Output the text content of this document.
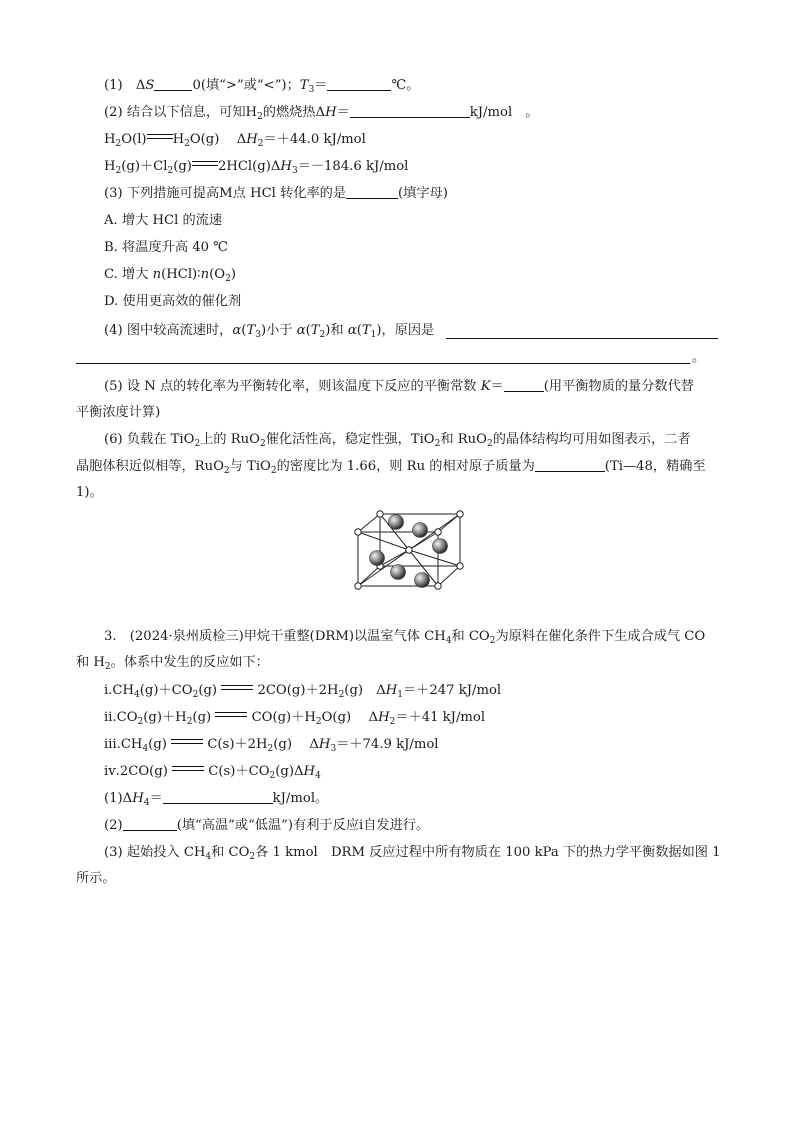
(1)　ΔS	0(填“>”或“<”)；$T_3=$	℃。
(2) 结合以下信息，可知$H_2$的燃烧热ΔH＝	kJ/mol　。
$H_2O(l)$ $H_2O(g)$　 $\Delta H_2=+44.0$ kJ/mol
$H_2(g)+Cl_2(g)$ $2HCl(g)\Delta H_3=-184.6$ kJ/mol
(3) 下列措施可提高M点 HCl 转化率的是	(填字母)
A. 增大 HCl 的流速
B. 将温度升高 40 ℃
C. 增大 $n(HCl)∶n(O_2)$
D. 使用更高效的催化剂
(4) 图中较高流速时，$\alpha(T_3)$小于 $\alpha(T_2)$和 $\alpha(T_1)$，原因是
。
(5) 设 N 点的转化率为平衡转化率，则该温度下反应的平衡常数 K＝	(用平衡物质的量分数代替
平衡浓度计算)
(6) 负载在 TiO$_2$上的 RuO$_2$催化活性高，稳定性强，TiO$_2$和 RuO$_2$的晶体结构均可用如图表示，二者
晶胞体积近似相等，RuO$_2$与 TiO$_2$的密度比为 1.66，则 Ru 的相对原子质量为	(Ti—48，精确至
1)。
3.　(2024·泉州质检三)甲烷干重整(DRM)以温室气体 $CH_4$和 $CO_2$为原料在催化条件下生成合成气 CO
和 $H_2$。体系中发生的反应如下：
$ⅰ.CH_4(g)+CO_2(g)$	$2CO(g)+2H_2(g)$　$\Delta H_1=+247$ kJ/mol
$ⅱ.CO_2(g)+H_2(g)$	$CO(g)+H_2O(g)$　 $\Delta H_2=+41$ kJ/mol
$ⅲ.CH_4(g)$	$C(s)+2H_2(g)$　 $\Delta H_3=+74.9$ kJ/mol
ⅳ.2CO(g)	$C(s)+CO_2(g)\Delta H_4$
$(1)\Delta H_4=$	kJ/mol。
(2)	(填“高温”或“低温”)有利于反应ⅰ自发进行。
(3) 起始投入 $CH_4$和 $CO_2$各 1 kmol　DRM 反应过程中所有物质在 100 kPa 下的热力学平衡数据如图 1
所示。
